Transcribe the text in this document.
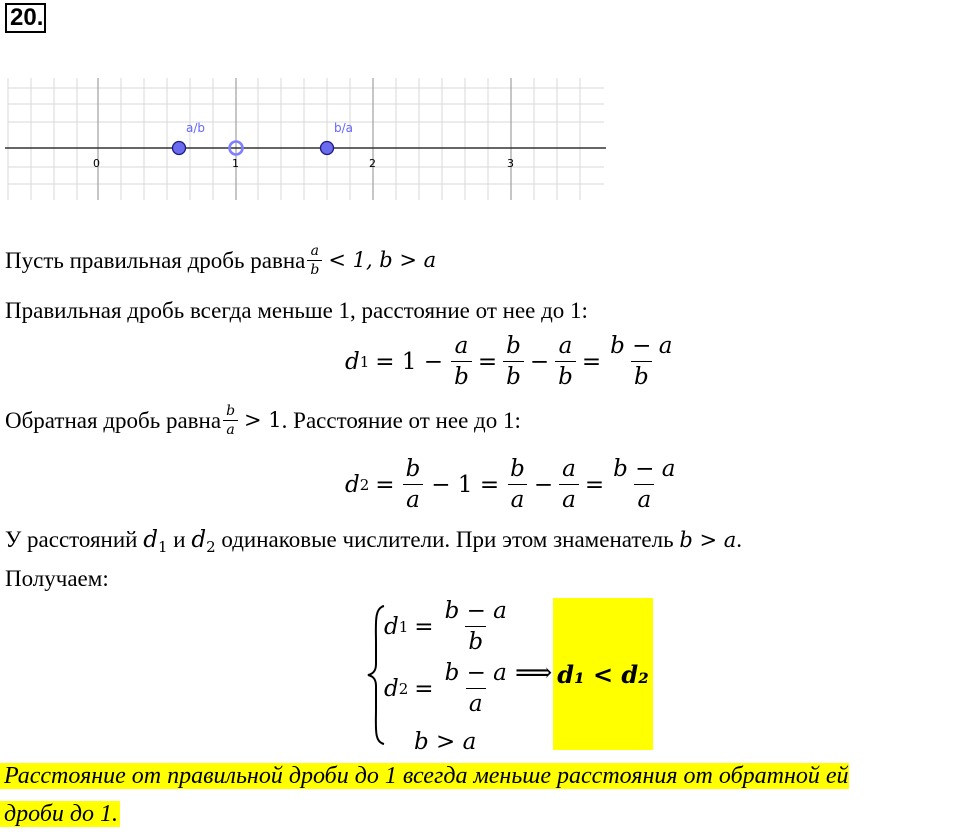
20.
0	1	2	3
a/b	b/a
Пусть правильная дробь равна $\frac{a}{b} < 1$, b > a
Правильная дробь всегда меньше 1, расстояние от нее до 1:
d $1 = 1 - \frac{a}{b} = \frac{b}{b} - \frac{a}{b} = \frac{b - a}{b}$
Обратная дробь равна $\frac{b}{a} > 1$ . Расстояние от нее до 1:
d $2 = \frac{b}{a} - 1 = \frac{b}{a} - \frac{a}{a} = \frac{b - a}{a}$
У расстояний $d_1$ и $d_2$ одинаковые числители. При этом знаменатель b > a.
Получаем:
d $1 = \frac{b - a}{b}$
d $2 = \frac{b - a}{a}$
b > a
⟹ d₁ < d₂
Расстояние от правильной дроби до 1 всегда меньше расстояния от обратной ей
дроби до 1.
